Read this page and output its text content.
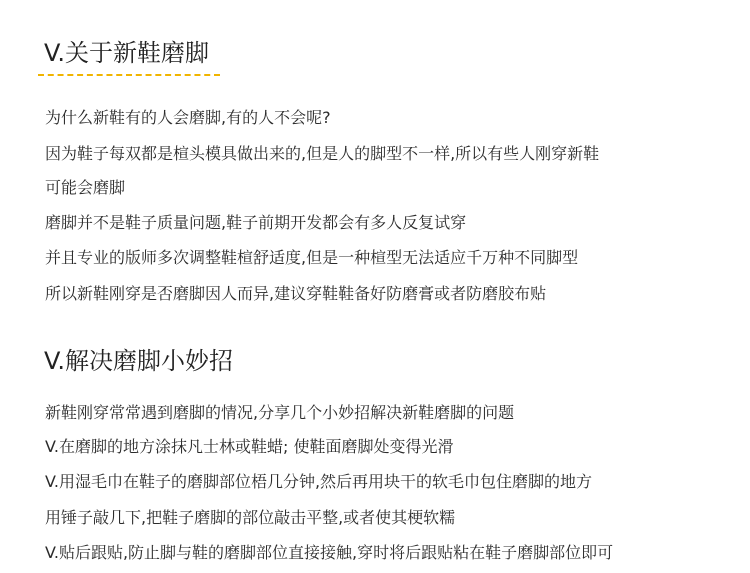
V.关于新鞋磨脚
为什么新鞋有的人会磨脚,有的人不会呢?
因为鞋子每双都是楦头模具做出来的,但是人的脚型不一样,所以有些人刚穿新鞋
可能会磨脚
磨脚并不是鞋子质量问题,鞋子前期开发都会有多人反复试穿
并且专业的版师多次调整鞋楦舒适度,但是一种楦型无法适应千万种不同脚型
所以新鞋刚穿是否磨脚因人而异,建议穿鞋鞋备好防磨膏或者防磨胶布贴
V.解决磨脚小妙招
新鞋刚穿常常遇到磨脚的情况,分享几个小妙招解决新鞋磨脚的问题
V.在磨脚的地方涂抹凡士林或鞋蜡; 使鞋面磨脚处变得光滑
V.用湿毛巾在鞋子的磨脚部位梧几分钟,然后再用块干的软毛巾包住磨脚的地方
用锤子敲几下,把鞋子磨脚的部位敲击平整,或者使其梗软糯
V.贴后跟贴,防止脚与鞋的磨脚部位直接接触,穿时将后跟贴粘在鞋子磨脚部位即可
